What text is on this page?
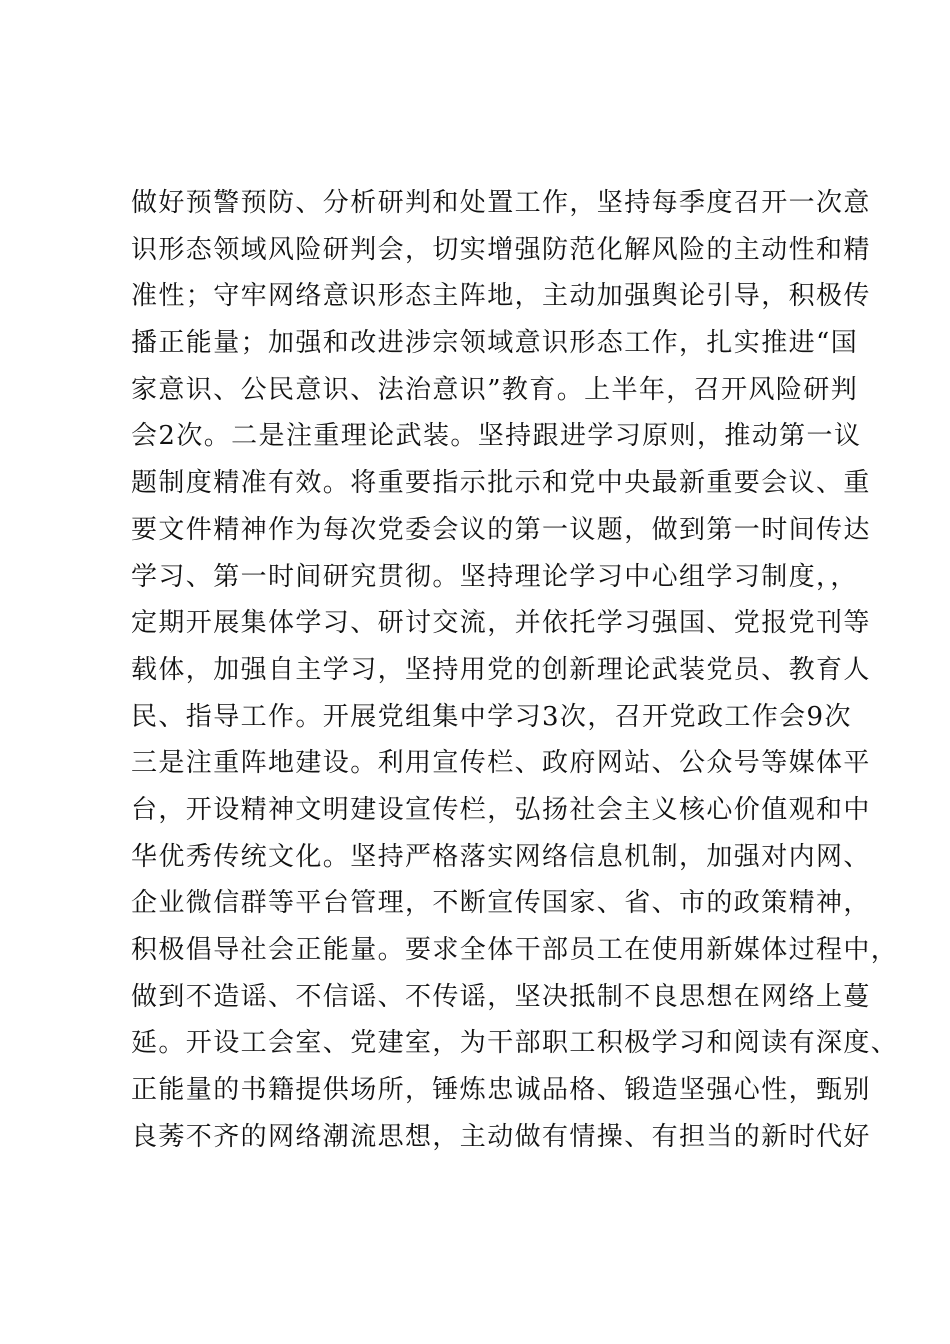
做好预警预防、分析研判和处置工作，坚持每季度召开一次意
识形态领域风险研判会，切实增强防范化解风险的主动性和精
准性；守牢网络意识形态主阵地，主动加强舆论引导，积极传
播正能量；加强和改进涉宗领域意识形态工作，扎实推进“国
家意识、公民意识、法治意识”教育。上半年，召开风险研判
会2次。二是注重理论武装。坚持跟进学习原则，推动第一议
题制度精准有效。将重要指示批示和党中央最新重要会议、重
要文件精神作为每次党委会议的第一议题，做到第一时间传达
学习、第一时间研究贯彻。坚持理论学习中心组学习制度，，
定期开展集体学习、研讨交流，并依托学习强国、党报党刊等
载体，加强自主学习，坚持用党的创新理论武装党员、教育人
民、指导工作。开展党组集中学习3次，召开党政工作会9次
三是注重阵地建设。利用宣传栏、政府网站、公众号等媒体平
台，开设精神文明建设宣传栏，弘扬社会主义核心价值观和中
华优秀传统文化。坚持严格落实网络信息机制，加强对内网、
企业微信群等平台管理，不断宣传国家、省、市的政策精神，
积极倡导社会正能量。要求全体干部员工在使用新媒体过程中，
做到不造谣、不信谣、不传谣，坚决抵制不良思想在网络上蔓
延。开设工会室、党建室，为干部职工积极学习和阅读有深度、
正能量的书籍提供场所，锤炼忠诚品格、锻造坚强心性，甄别
良莠不齐的网络潮流思想，主动做有情操、有担当的新时代好
